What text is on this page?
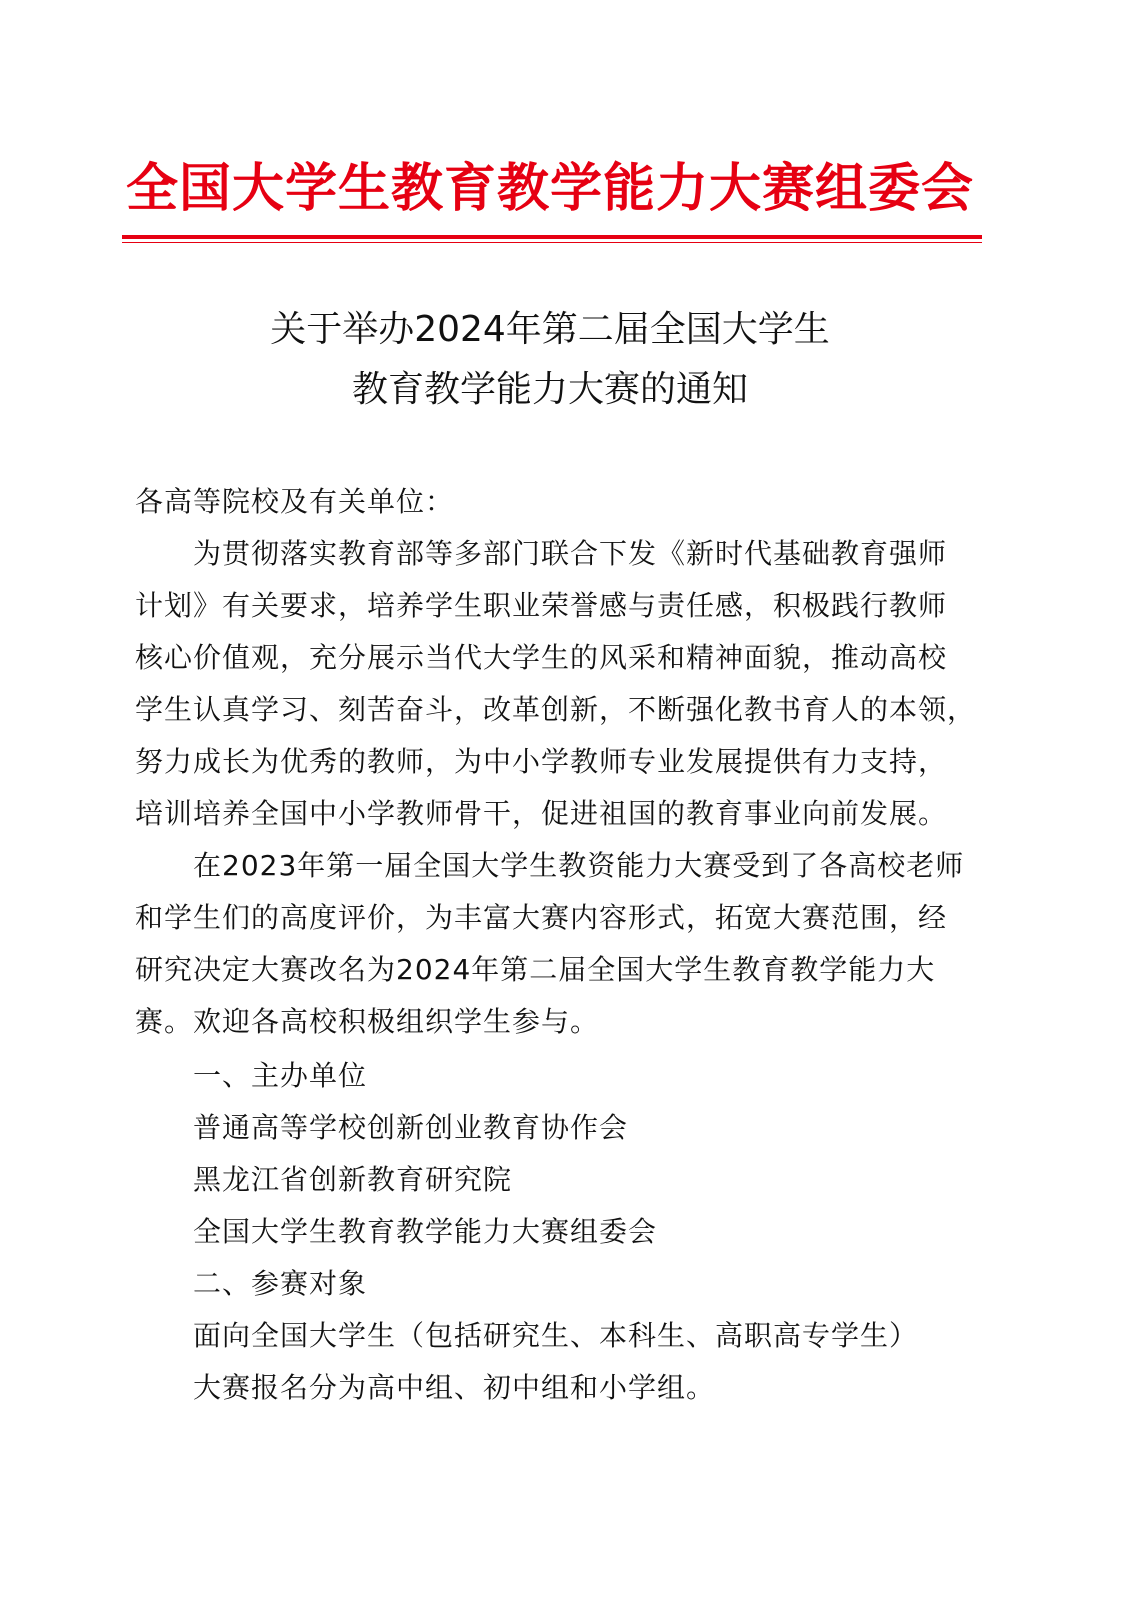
全国大学生教育教学能力大赛组委会
关于举办2024年第二届全国大学生
教育教学能力大赛的通知
各高等院校及有关单位：
为贯彻落实教育部等多部门联合下发《新时代基础教育强师
计划》有关要求，培养学生职业荣誉感与责任感，积极践行教师
核心价值观，充分展示当代大学生的风采和精神面貌，推动高校
学生认真学习、刻苦奋斗，改革创新，不断强化教书育人的本领，
努力成长为优秀的教师，为中小学教师专业发展提供有力支持，
培训培养全国中小学教师骨干，促进祖国的教育事业向前发展。
在2023年第一届全国大学生教资能力大赛受到了各高校老师
和学生们的高度评价，为丰富大赛内容形式，拓宽大赛范围，经
研究决定大赛改名为2024年第二届全国大学生教育教学能力大
赛。欢迎各高校积极组织学生参与。
一、主办单位
普通高等学校创新创业教育协作会
黑龙江省创新教育研究院
全国大学生教育教学能力大赛组委会
二、参赛对象
面向全国大学生（包括研究生、本科生、高职高专学生）
大赛报名分为高中组、初中组和小学组。
